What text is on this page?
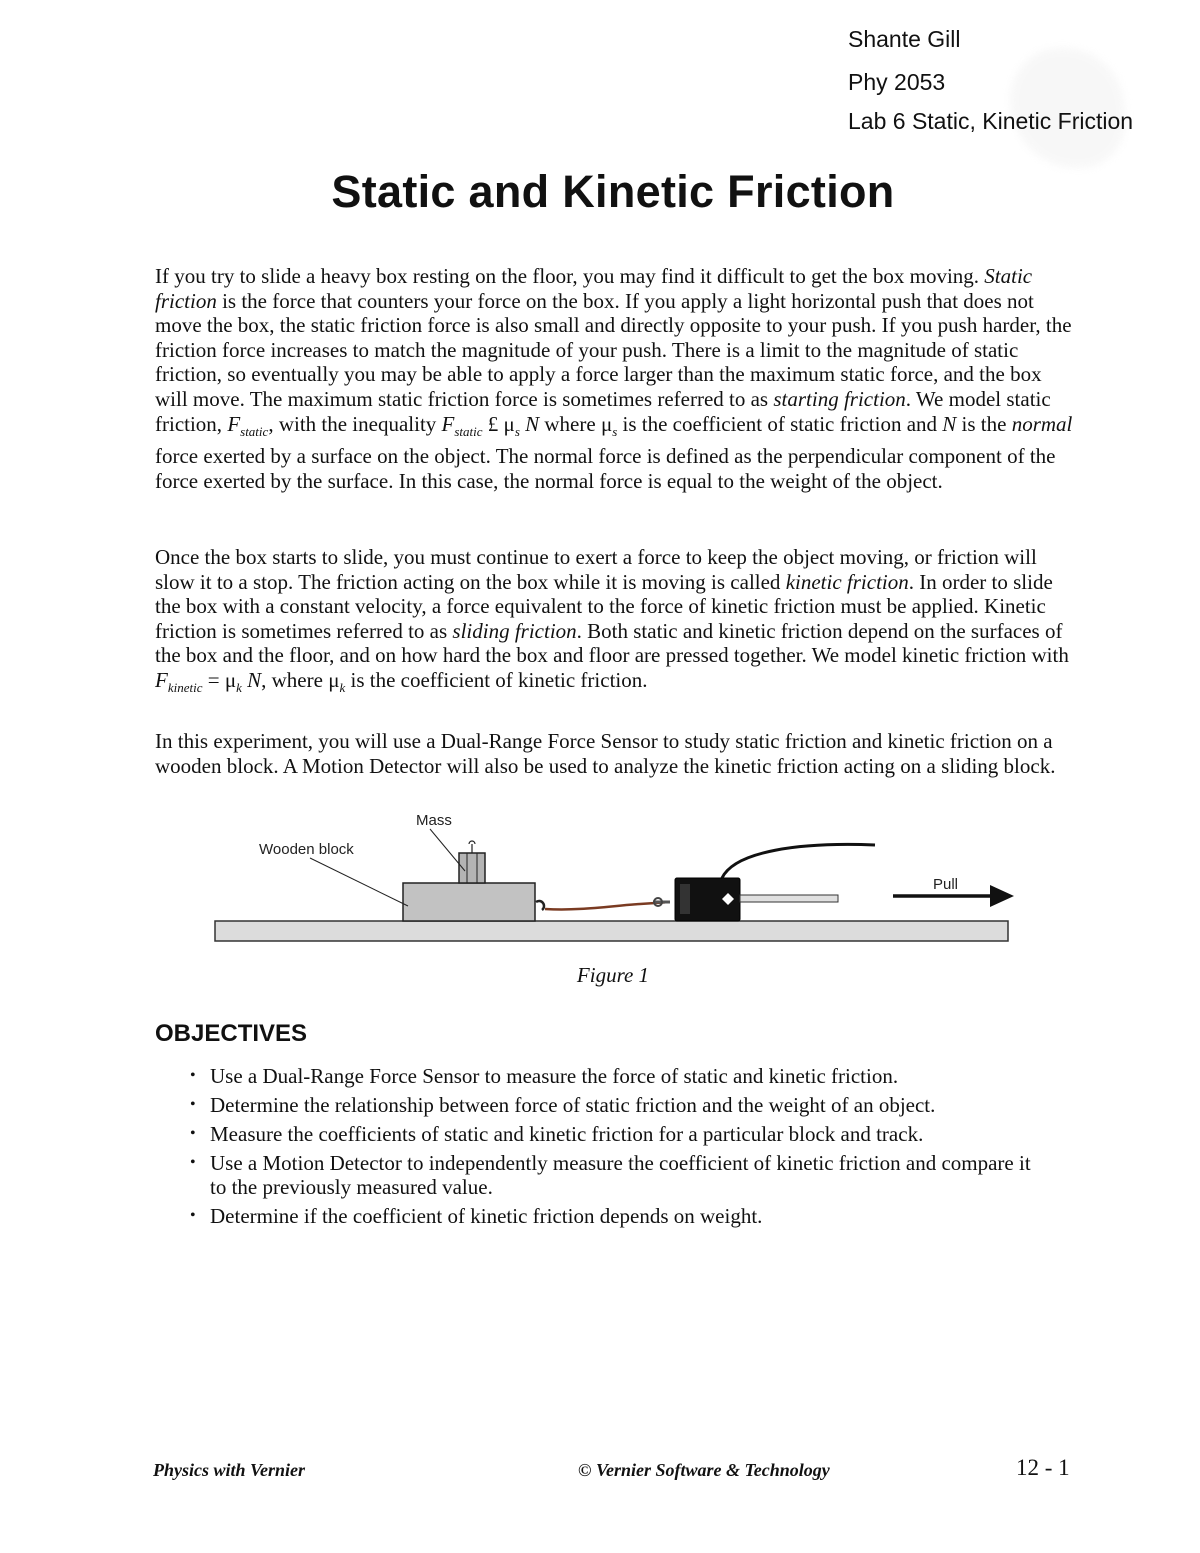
Shante Gill
Phy 2053
Lab 6 Static, Kinetic Friction
Static and Kinetic Friction

If you try to slide a heavy box resting on the floor, you may find it difficult to get the box moving. Static friction is the force that counters your force on the box. If you apply a light horizontal push that does not move the box, the static friction force is also small and directly opposite to your push. If you push harder, the friction force increases to match the magnitude of your push. There is a limit to the magnitude of static friction, so eventually you may be able to apply a force larger than the maximum static force, and the box will move. The maximum static friction force is sometimes referred to as starting friction. We model static friction, $F_{static}$, with the inequality $F_{static}$ £ $\mu_s$ N where $\mu_s$ is the coefficient of static friction and N is the normal force exerted by a surface on the object. The normal force is defined as the perpendicular component of the force exerted by the surface. In this case, the normal force is equal to the weight of the object.

Once the box starts to slide, you must continue to exert a force to keep the object moving, or friction will slow it to a stop. The friction acting on the box while it is moving is called kinetic friction. In order to slide the box with a constant velocity, a force equivalent to the force of kinetic friction must be applied. Kinetic friction is sometimes referred to as sliding friction. Both static and kinetic friction depend on the surfaces of the box and the floor, and on how hard the box and floor are pressed together. We model kinetic friction with $F_{kinetic} = \mu_k$ N, where $\mu_k$ is the coefficient of kinetic friction.

In this experiment, you will use a Dual-Range Force Sensor to study static friction and kinetic friction on a wooden block. A Motion Detector will also be used to analyze the kinetic friction acting on a sliding block.

Mass
Wooden block
Pull
Figure 1
OBJECTIVES
• Use a Dual-Range Force Sensor to measure the force of static and kinetic friction.
• Determine the relationship between force of static friction and the weight of an object.
• Measure the coefficients of static and kinetic friction for a particular block and track.
• Use a Motion Detector to independently measure the coefficient of kinetic friction and compare it to the previously measured value.
• Determine if the coefficient of kinetic friction depends on weight.
Physics with Vernier	© Vernier Software & Technology	12 - 1
